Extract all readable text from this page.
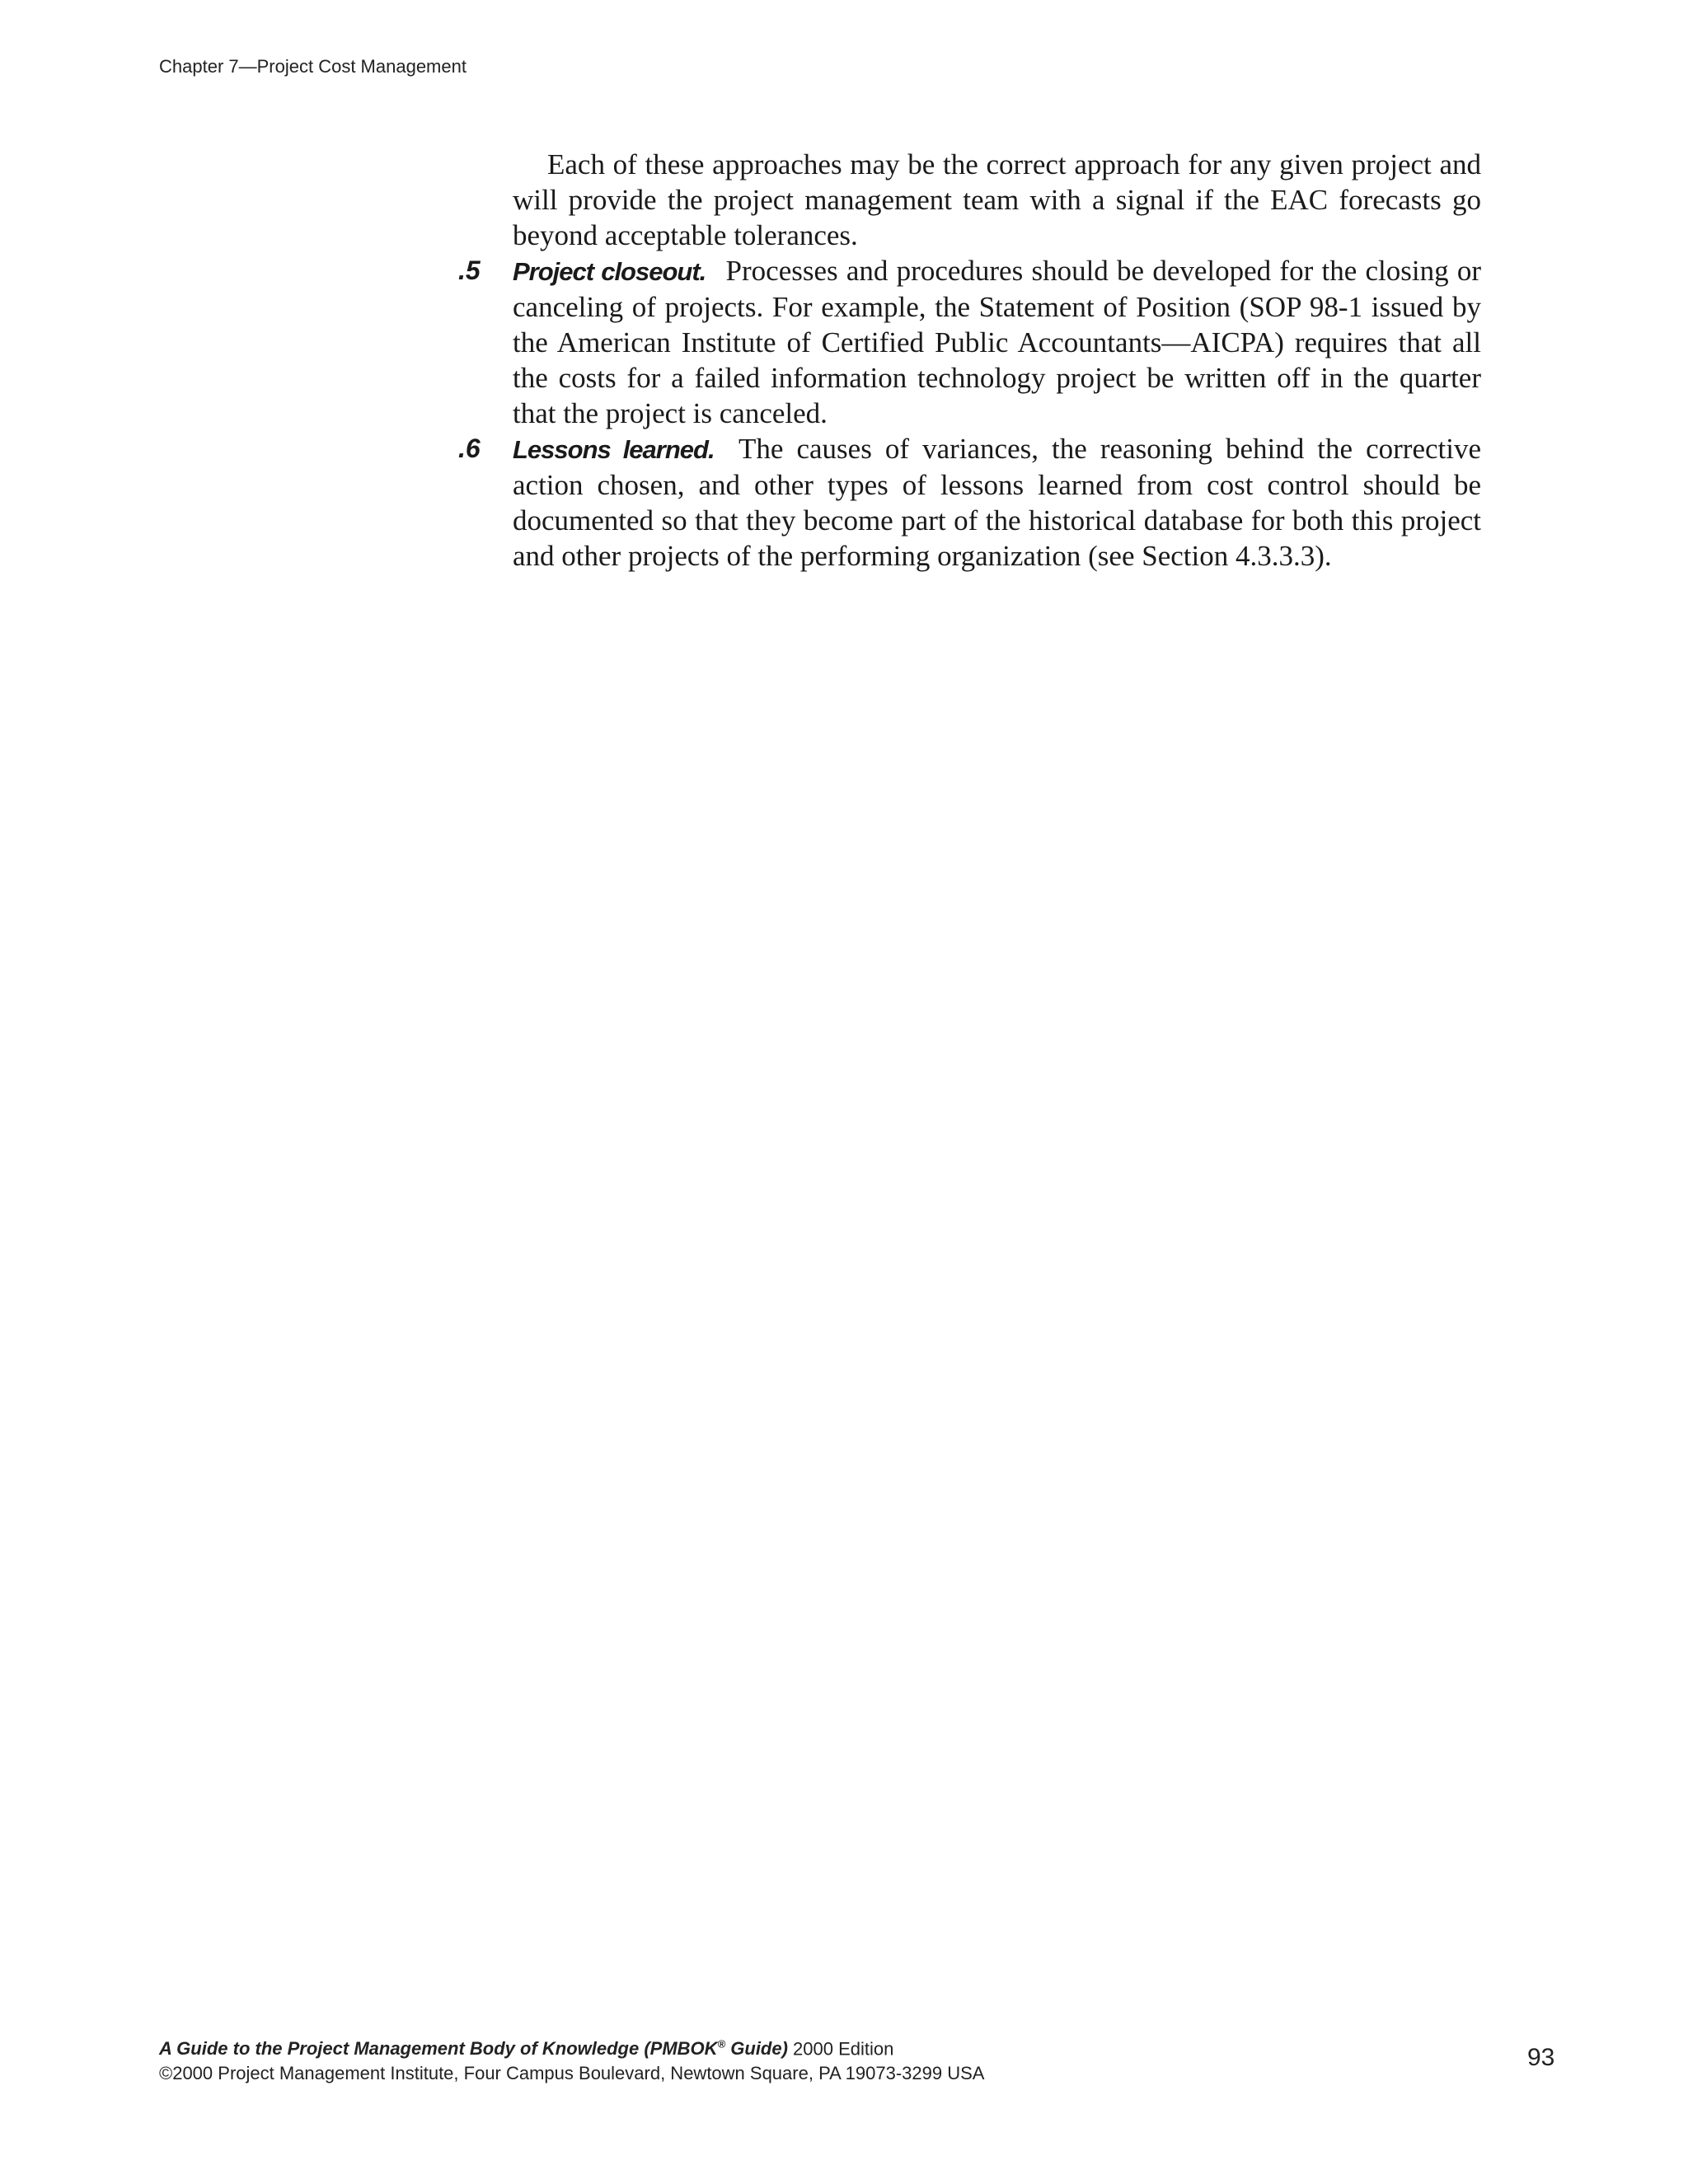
Chapter 7—Project Cost Management

Each of these approaches may be the correct approach for any given project and will provide the project management team with a signal if the EAC forecasts go beyond acceptable tolerances.

.5 Project closeout. Processes and procedures should be developed for the closing or canceling of projects. For example, the Statement of Position (SOP 98-1 issued by the American Institute of Certified Public Accountants—AICPA) requires that all the costs for a failed information technology project be written off in the quarter that the project is canceled.

.6 Lessons learned. The causes of variances, the reasoning behind the corrective action chosen, and other types of lessons learned from cost control should be documented so that they become part of the historical database for both this project and other projects of the performing organization (see Section 4.3.3.3).

A Guide to the Project Management Body of Knowledge (PMBOK® Guide) 2000 Edition
©2000 Project Management Institute, Four Campus Boulevard, Newtown Square, PA 19073-3299 USA
93
